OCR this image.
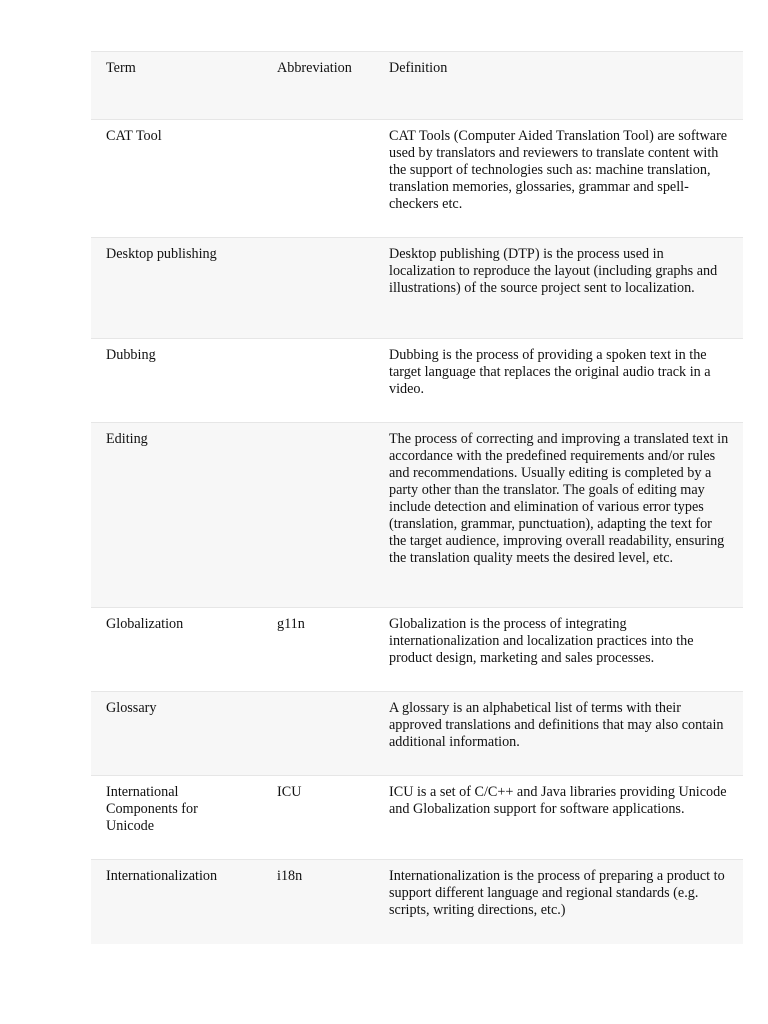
Term	Abbreviation	Definition
CAT Tool		CAT Tools (Computer Aided Translation Tool) are software used by translators and reviewers to translate content with the support of technologies such as: machine translation, translation memories, glossaries, grammar and spell-checkers etc.
Desktop publishing		Desktop publishing (DTP) is the process used in localization to reproduce the layout (including graphs and illustrations) of the source project sent to localization.
Dubbing		Dubbing is the process of providing a spoken text in the target language that replaces the original audio track in a video.
Editing		The process of correcting and improving a translated text in accordance with the predefined requirements and/or rules and recommendations. Usually editing is completed by a party other than the translator. The goals of editing may include detection and elimination of various error types (translation, grammar, punctuation), adapting the text for the target audience, improving overall readability, ensuring the translation quality meets the desired level, etc.
Globalization	g11n	Globalization is the process of integrating internationalization and localization practices into the product design, marketing and sales processes.
Glossary		A glossary is an alphabetical list of terms with their approved translations and definitions that may also contain additional information.
International Components for Unicode	ICU	ICU is a set of C/C++ and Java libraries providing Unicode and Globalization support for software applications.
Internationalization	i18n	Internationalization is the process of preparing a product to support different language and regional standards (e.g. scripts, writing directions, etc.)
